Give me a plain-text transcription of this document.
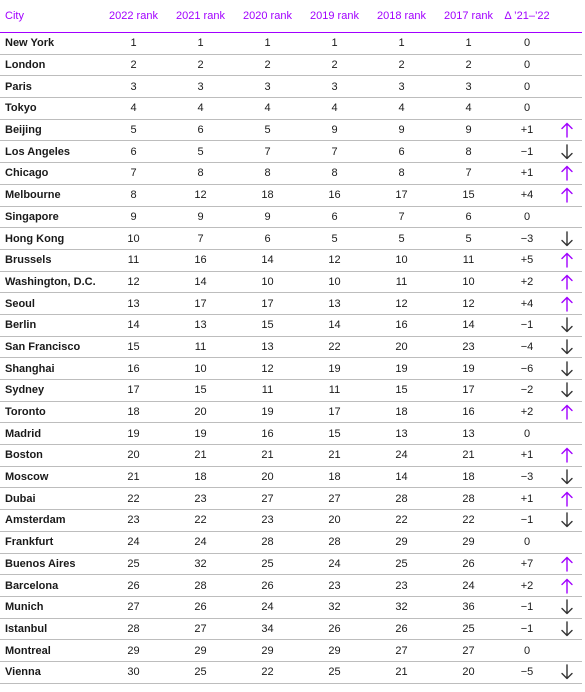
City	2022 rank	2021 rank	2020 rank	2019 rank	2018 rank	2017 rank	Δ ’21–’22	
New York	1	1	1	1	1	1	0	
London	2	2	2	2	2	2	0	
Paris	3	3	3	3	3	3	0	
Tokyo	4	4	4	4	4	4	0	
Beijing	5	6	5	9	9	9	+1	

Los Angeles	6	5	7	7	6	8	−1	

Chicago	7	8	8	8	8	7	+1	

Melbourne	8	12	18	16	17	15	+4	

Singapore	9	9	9	6	7	6	0	
Hong Kong	10	7	6	5	5	5	−3	

Brussels	11	16	14	12	10	11	+5	

Washington, D.C.	12	14	10	10	11	10	+2	

Seoul	13	17	17	13	12	12	+4	

Berlin	14	13	15	14	16	14	−1	

San Francisco	15	11	13	22	20	23	−4	

Shanghai	16	10	12	19	19	19	−6	

Sydney	17	15	11	11	15	17	−2	

Toronto	18	20	19	17	18	16	+2	

Madrid	19	19	16	15	13	13	0	
Boston	20	21	21	21	24	21	+1	

Moscow	21	18	20	18	14	18	−3	

Dubai	22	23	27	27	28	28	+1	

Amsterdam	23	22	23	20	22	22	−1	

Frankfurt	24	24	28	28	29	29	0	
Buenos Aires	25	32	25	24	25	26	+7	

Barcelona	26	28	26	23	23	24	+2	

Munich	27	26	24	32	32	36	−1	

Istanbul	28	27	34	26	26	25	−1	

Montreal	29	29	29	29	27	27	0	
Vienna	30	25	22	25	21	20	−5	
